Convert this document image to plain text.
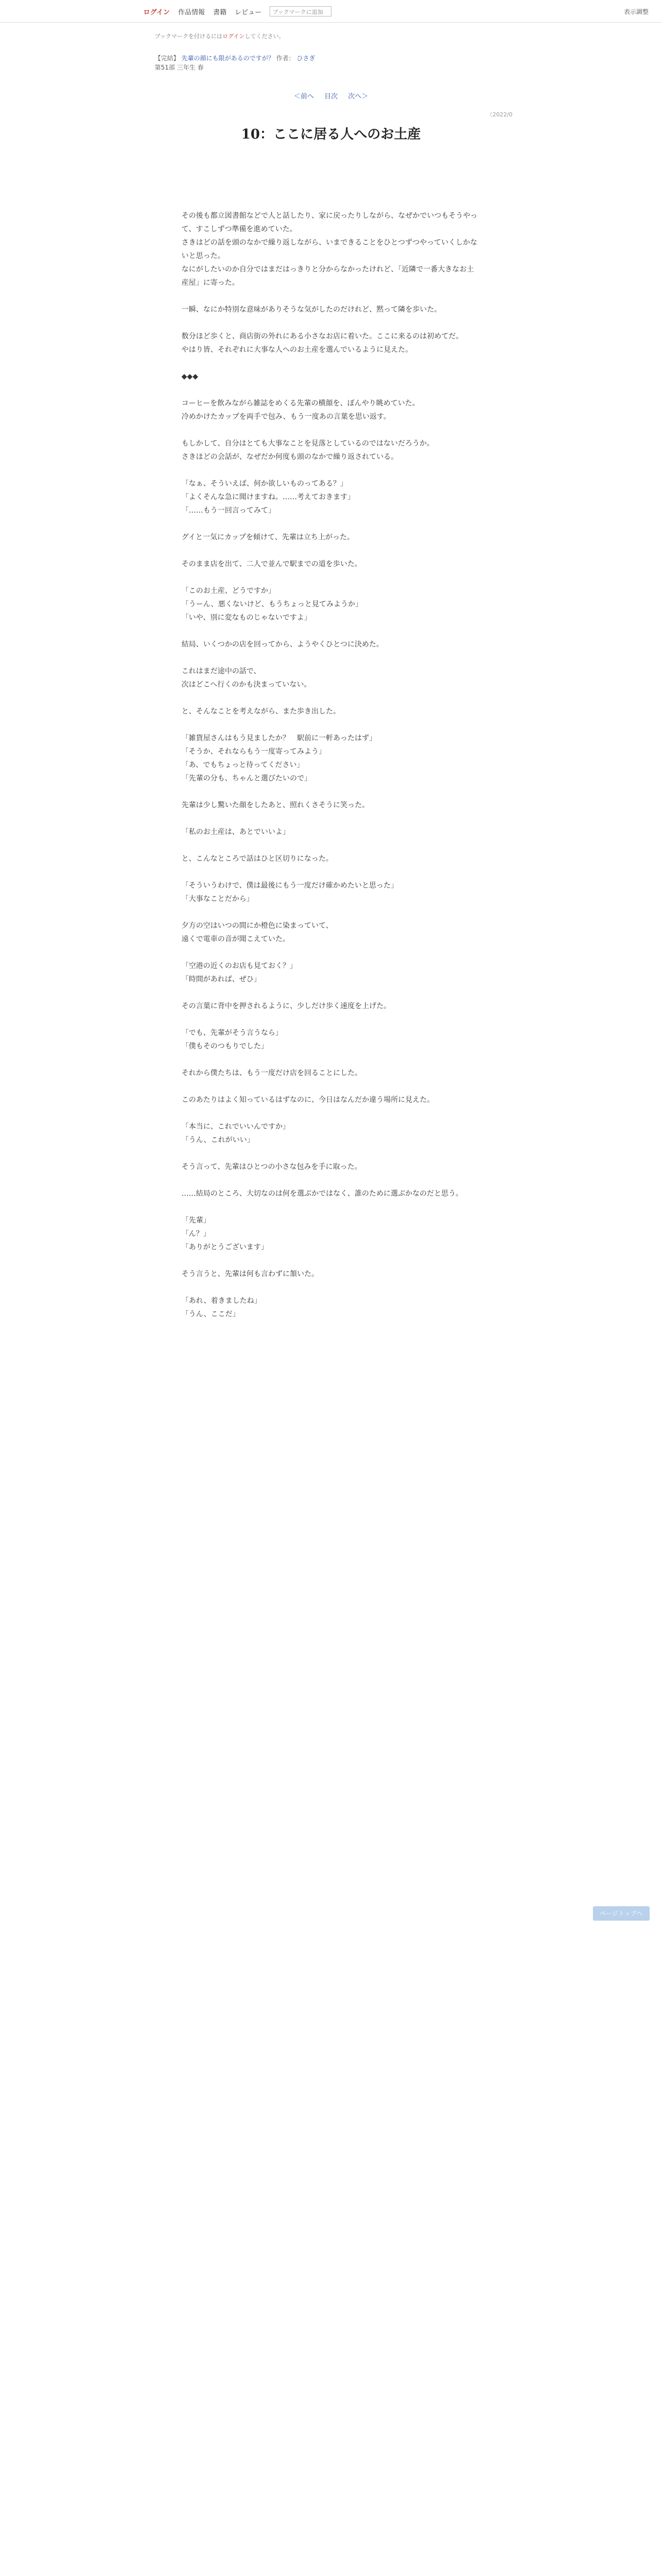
ログイン 作品情報 書籍 レビュー	ブックマークに追加	表示調整
ブックマークを付けるにはログインしてください。
【完結】 先輩の顔にも限があるのですが？ 作者： ひさぎ
第51部 三年生 春
＜前へ 目次 次へ＞
（2022/0
10：ここに居る人へのお土産

その後も都立図書館などで人と話したり、家に戻ったりしながら、なぜかでいつもそうやって、すこしずつ準備を進めていた。

さきはどの話を頭のなかで繰り返しながら、いまできることをひとつずつやっていくしかないと思った。

なにがしたいのか自分ではまだはっきりと分からなかったけれど、「近隣で一番大きなお土産屋」に寄った。

一瞬、なにか特別な意味がありそうな気がしたのだけれど、黙って隣を歩いた。

数分ほど歩くと、商店街の外れにある小さなお店に着いた。ここに来るのは初めてだ。

やはり皆、それぞれに大事な人へのお土産を選んでいるように見えた。

◆◆◆

コーヒーを飲みながら雑誌をめくる先輩の横顔を、ぼんやり眺めていた。

冷めかけたカップを両手で包み、もう一度あの言葉を思い返す。

もしかして、自分はとても大事なことを見落としているのではないだろうか。

さきほどの会話が、なぜだか何度も頭のなかで繰り返されている。

「なぁ、そういえば、何か欲しいものってある？」

「よくそんな急に聞けますね。……考えておきます」

「……もう一回言ってみて」

グイと一気にカップを傾けて、先輩は立ち上がった。

そのまま店を出て、二人で並んで駅までの道を歩いた。

「このお土産、どうですか」

「うーん、悪くないけど、もうちょっと見てみようか」

「いや、別に変なものじゃないですよ」

結局、いくつかの店を回ってから、ようやくひとつに決めた。

これはまだ途中の話で、

次はどこへ行くのかも決まっていない。

と、そんなことを考えながら、また歩き出した。

「雑貨屋さんはもう見ましたか？　駅前に一軒あったはず」

「そうか、それならもう一度寄ってみよう」

「あ、でもちょっと待ってください」

「先輩の分も、ちゃんと選びたいので」

先輩は少し驚いた顔をしたあと、照れくさそうに笑った。

「私のお土産は、あとでいいよ」

と、こんなところで話はひと区切りになった。

「そういうわけで、僕は最後にもう一度だけ確かめたいと思った」

「大事なことだから」

夕方の空はいつの間にか橙色に染まっていて、

遠くで電車の音が聞こえていた。

「空港の近くのお店も見ておく？」

「時間があれば、ぜひ」

その言葉に背中を押されるように、少しだけ歩く速度を上げた。

「でも、先輩がそう言うなら」

「僕もそのつもりでした」

それから僕たちは、もう一度だけ店を回ることにした。

このあたりはよく知っているはずなのに、今日はなんだか違う場所に見えた。

「本当に、これでいいんですか」

「うん、これがいい」

そう言って、先輩はひとつの小さな包みを手に取った。

……結局のところ、大切なのは何を選ぶかではなく、誰のために選ぶかなのだと思う。

「先輩」

「ん？」

「ありがとうございます」

そう言うと、先輩は何も言わずに頷いた。

「あれ、着きましたね」

「うん、ここだ」

ページトップへ
